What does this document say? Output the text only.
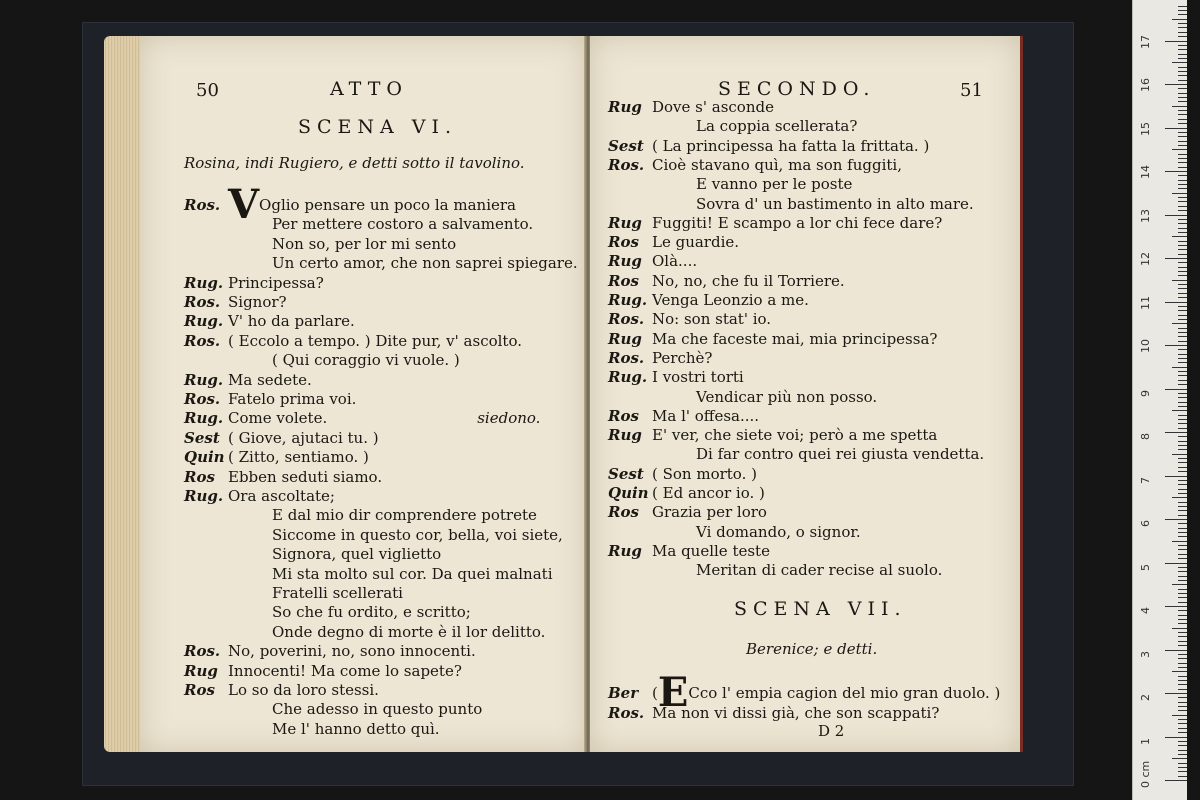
50	ATTO
SCENA VI.
Rosina, indi Rugiero, e detti sotto il tavolino.
Ros. VOglio pensare un poco la maniera
Per mettere costoro a salvamento.
Non so, per lor mi sento
Un certo amor, che non saprei spiegare.
Rug. Principessa?
Ros. Signor?
Rug. V' ho da parlare.
Ros. ( Eccolo a tempo. ) Dite pur, v' ascolto.
( Qui coraggio vi vuole. )
Rug. Ma sedete.
Ros. Fatelo prima voi.
Rug. Come volete.	siedono.
Sest ( Giove, ajutaci tu. )
Quin ( Zitto, sentiamo. )
Ros Ebben seduti siamo.
Rug. Ora ascoltate;
E dal mio dir comprendere potrete
Siccome in questo cor, bella, voi siete,
Signora, quel viglietto
Mi sta molto sul cor. Da quei malnati
Fratelli scellerati
So che fu ordito, e scritto;
Onde degno di morte è il lor delitto.
Ros. No, poverini, no, sono innocenti.
Rug Innocenti! Ma come lo sapete?
Ros Lo so da loro stessi.
Che adesso in questo punto
Me l' hanno detto quì.
SECONDO.	51
Rug Dove s' asconde
La coppia scellerata?
Sest ( La principessa ha fatta la frittata. )
Ros. Cioè stavano quì, ma son fuggiti,
E vanno per le poste
Sovra d' un bastimento in alto mare.
Rug Fuggiti! E scampo a lor chi fece dare?
Ros Le guardie.
Rug Olà....
Ros No, no, che fu il Torriere.
Rug. Venga Leonzio a me.
Ros. No: son stat' io.
Rug Ma che faceste mai, mia principessa?
Ros. Perchè?
Rug. I vostri torti
Vendicar più non posso.
Ros Ma l' offesa....
Rug E' ver, che siete voi; però a me spetta
Di far contro quei rei giusta vendetta.
Sest ( Son morto. )
Quin ( Ed ancor io. )
Ros Grazia per loro
Vi domando, o signor.
Rug Ma quelle teste
Meritan di cader recise al suolo.
SCENA VII.
Berenice; e detti.
Ber (ECco l' empia cagion del mio gran duolo. )
Ros. Ma non vi dissi già, che son scappati?
D 2
0 cm
1
2
3
4
5
6
7
8
9
10
11
12
13
14
15
16
17
